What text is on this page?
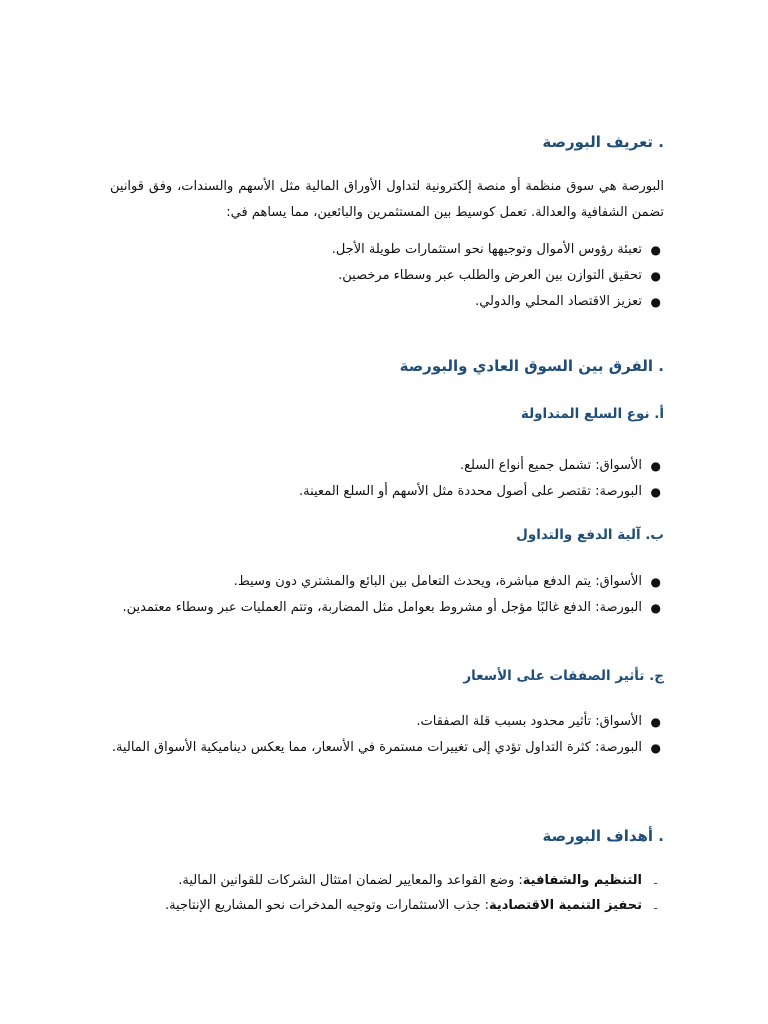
. تعريف البورصة

البورصة هي سوق منظمة أو منصة إلكترونية لتداول الأوراق المالية مثل الأسهم والسندات، وفق قوانين تضمن الشفافية والعدالة. تعمل كوسيط بين المستثمرين والبائعين، مما يساهم في:

●
تعبئة رؤوس الأموال وتوجيهها نحو استثمارات طويلة الأجل.
●
تحقيق التوازن بين العرض والطلب عبر وسطاء مرخصين.
●
تعزيز الاقتصاد المحلي والدولي.
. الفرق بين السوق العادي والبورصة
أ. نوع السلع المتداولة
●
الأسواق: تشمل جميع أنواع السلع.
●
البورصة: تقتصر على أصول محددة مثل الأسهم أو السلع المعينة.
ب. آلية الدفع والتداول
●
الأسواق: يتم الدفع مباشرة، ويحدث التعامل بين البائع والمشتري دون وسيط.
●
البورصة: الدفع غالبًا مؤجل أو مشروط بعوامل مثل المضاربة، وتتم العمليات عبر وسطاء معتمدين.
ج. تأثير الصفقات على الأسعار
●
الأسواق: تأثير محدود بسبب قلة الصفقات.
●
البورصة: كثرة التداول تؤدي إلى تغييرات مستمرة في الأسعار، مما يعكس ديناميكية الأسواق المالية.
. أهداف البورصة
-
التنظيم والشفافية: وضع القواعد والمعايير لضمان امتثال الشركات للقوانين المالية.
-
تحفيز التنمية الاقتصادية: جذب الاستثمارات وتوجيه المدخرات نحو المشاريع الإنتاجية.
